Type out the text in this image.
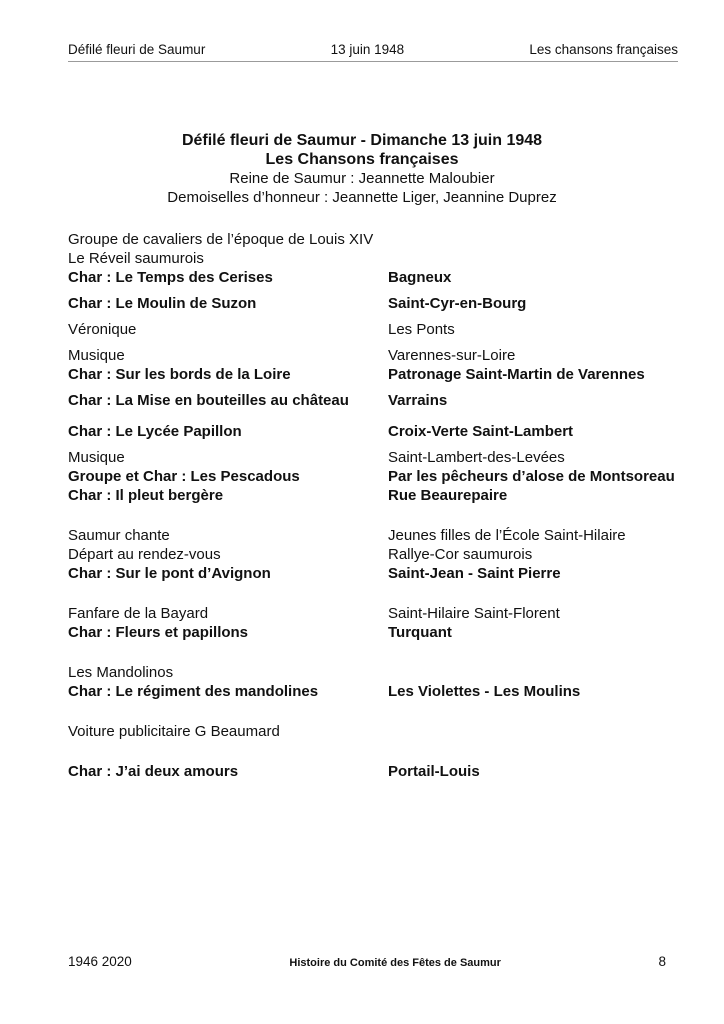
Défilé fleuri de Saumur	13 juin 1948	Les chansons françaises
Défilé fleuri de Saumur - Dimanche 13 juin 1948
Les Chansons françaises
Reine de Saumur : Jeannette Maloubier
Demoiselles d’honneur : Jeannette Liger, Jeannine Duprez
Groupe de cavaliers de l’époque de Louis XIV
Le Réveil saumurois
Char : Le Temps des Cerises	Bagneux
Char : Le Moulin de Suzon	Saint-Cyr-en-Bourg
Véronique	Les Ponts
Musique	Varennes-sur-Loire
Char : Sur les bords de la Loire	Patronage Saint-Martin de Varennes
Char : La Mise en bouteilles au château	Varrains
Char : Le Lycée Papillon	Croix-Verte Saint-Lambert
Musique	Saint-Lambert-des-Levées
Groupe et Char : Les Pescadous	Par les pêcheurs d’alose de Montsoreau
Char : Il pleut bergère	Rue Beaurepaire
Saumur chante	Jeunes filles de l’École Saint-Hilaire
Départ au rendez-vous	Rallye-Cor saumurois
Char : Sur le pont d’Avignon	Saint-Jean - Saint Pierre
Fanfare de la Bayard	Saint-Hilaire Saint-Florent
Char : Fleurs et papillons	Turquant
Les Mandolinos
Char : Le régiment des mandolines	Les Violettes - Les Moulins
Voiture publicitaire G Beaumard
Char : J’ai deux amours	Portail-Louis
1946 2020	Histoire du Comité des Fêtes de Saumur	8
